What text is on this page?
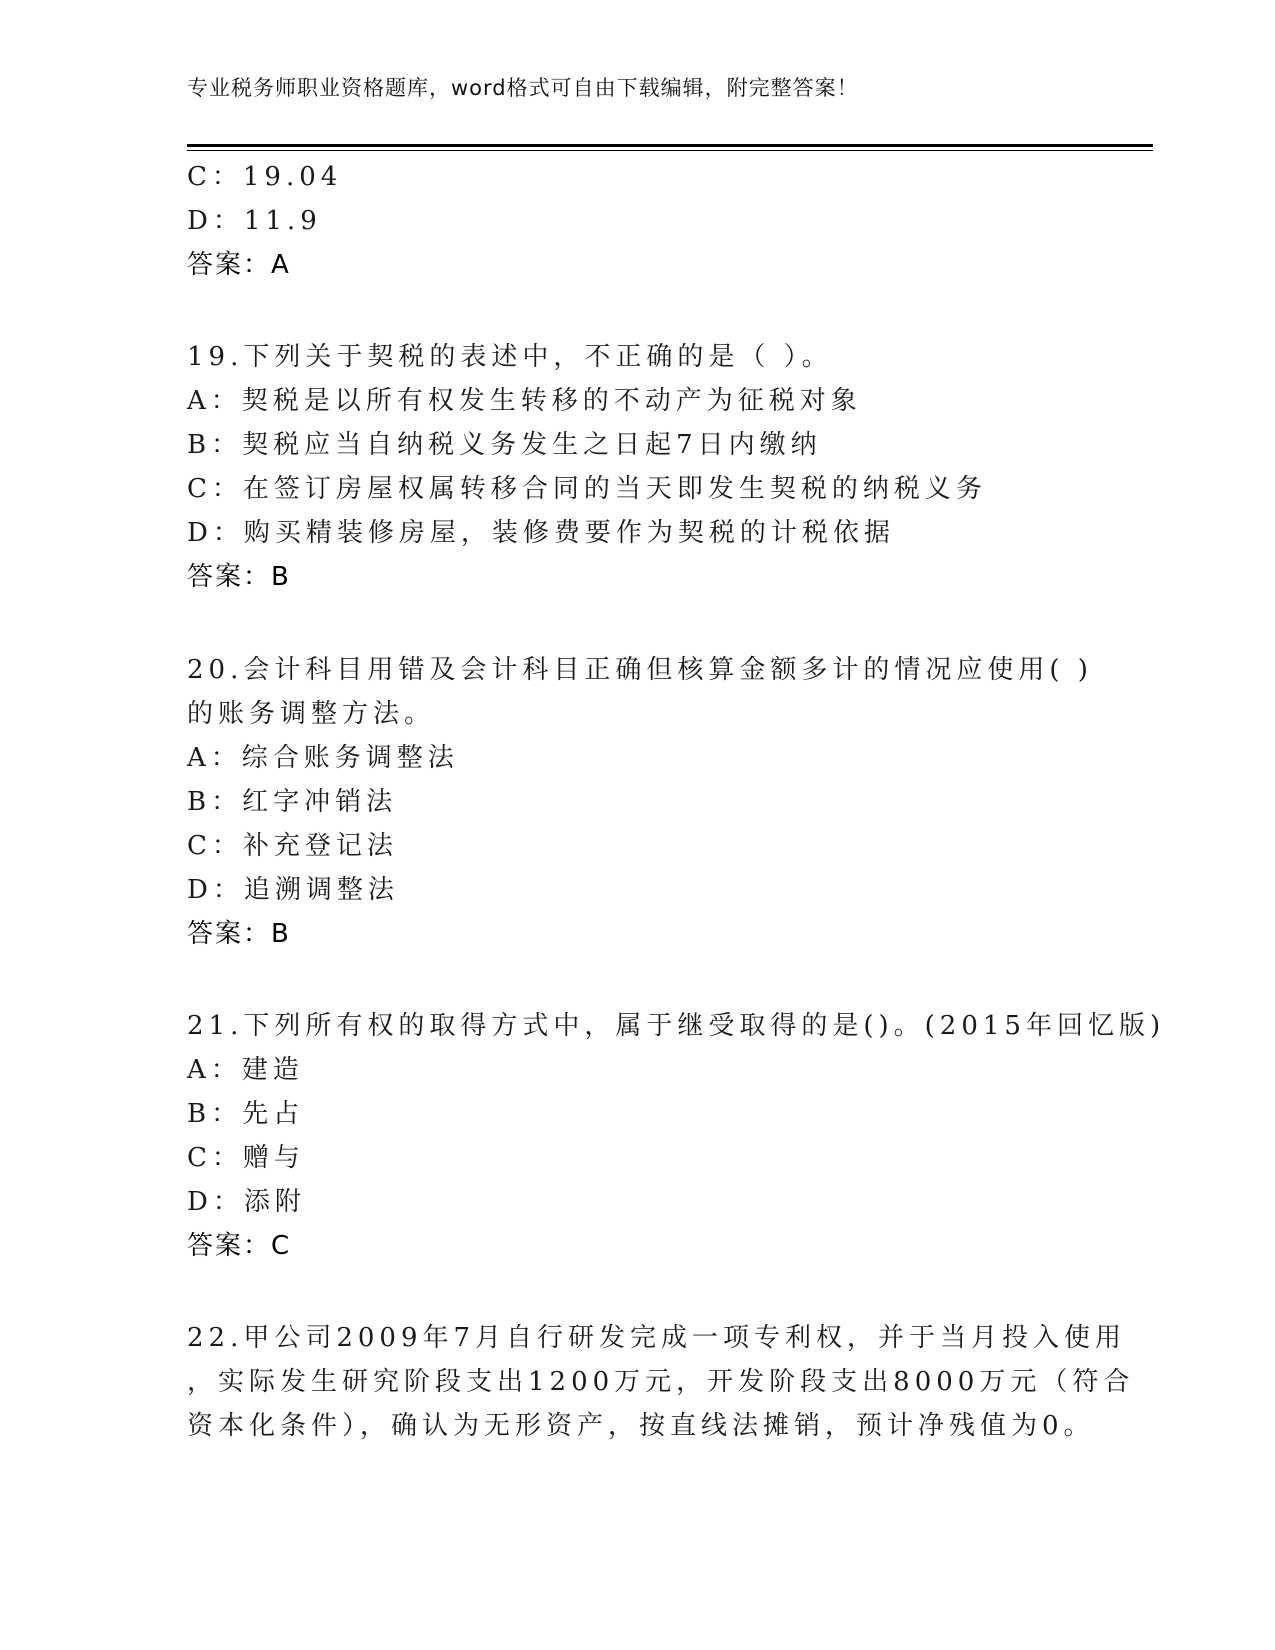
专业税务师职业资格题库，word格式可自由下载编辑，附完整答案！
C：19.04
D：11.9
答案：A
19.下列关于契税的表述中，不正确的是（ ）。
A：契税是以所有权发生转移的不动产为征税对象
B：契税应当自纳税义务发生之日起7日内缴纳
C：在签订房屋权属转移合同的当天即发生契税的纳税义务
D：购买精装修房屋，装修费要作为契税的计税依据
答案：B
20.会计科目用错及会计科目正确但核算金额多计的情况应使用( )
的账务调整方法。
A：综合账务调整法
B：红字冲销法
C：补充登记法
D：追溯调整法
答案：B
21.下列所有权的取得方式中，属于继受取得的是()。(2015年回忆版)
A：建造
B：先占
C：赠与
D：添附
答案：C
22.甲公司2009年7月自行研发完成一项专利权，并于当月投入使用
，实际发生研究阶段支出1200万元，开发阶段支出8000万元（符合
资本化条件），确认为无形资产，按直线法摊销，预计净残值为0。
